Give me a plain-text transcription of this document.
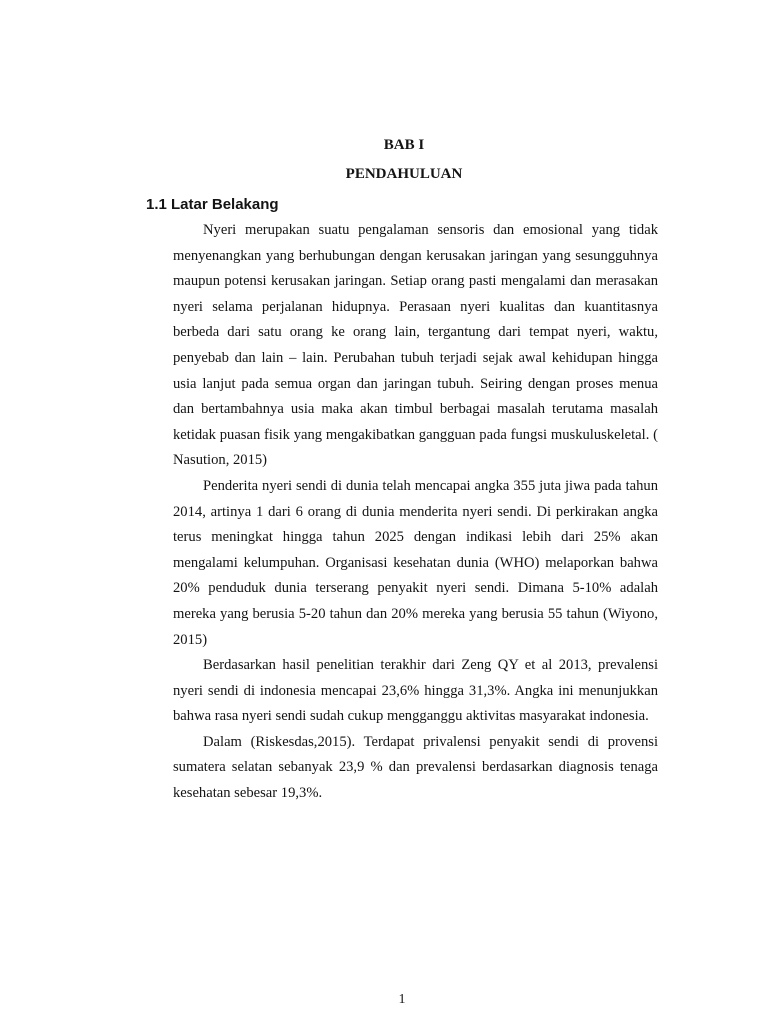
BAB I
PENDAHULUAN
1.1 Latar Belakang

Nyeri merupakan suatu pengalaman sensoris dan emosional yang tidak menyenangkan yang berhubungan dengan kerusakan jaringan yang sesungguhnya maupun potensi kerusakan jaringan. Setiap orang pasti mengalami dan merasakan nyeri selama perjalanan hidupnya. Perasaan nyeri kualitas dan kuantitasnya berbeda dari satu orang ke orang lain, tergantung dari tempat nyeri, waktu, penyebab dan lain – lain. Perubahan tubuh terjadi sejak awal kehidupan hingga usia lanjut pada semua organ dan jaringan tubuh. Seiring dengan proses menua dan bertambahnya usia maka akan timbul berbagai masalah terutama masalah ketidak puasan fisik yang mengakibatkan gangguan pada fungsi muskuluskeletal. ( Nasution, 2015)

Penderita nyeri sendi di dunia telah mencapai angka 355 juta jiwa pada tahun 2014, artinya 1 dari 6 orang di dunia menderita nyeri sendi. Di perkirakan angka terus meningkat hingga tahun 2025 dengan indikasi lebih dari 25% akan mengalami kelumpuhan. Organisasi kesehatan dunia (WHO) melaporkan bahwa 20% penduduk dunia terserang penyakit nyeri sendi. Dimana 5-10% adalah mereka yang berusia 5-20 tahun dan 20% mereka yang berusia 55 tahun (Wiyono, 2015)

Berdasarkan hasil penelitian terakhir dari Zeng QY et al 2013, prevalensi nyeri sendi di indonesia mencapai 23,6% hingga 31,3%. Angka ini menunjukkan bahwa rasa nyeri sendi sudah cukup mengganggu aktivitas masyarakat indonesia.

Dalam (Riskesdas,2015). Terdapat privalensi penyakit sendi di provensi sumatera selatan sebanyak 23,9 % dan prevalensi berdasarkan diagnosis tenaga kesehatan sebesar 19,3%.

1
